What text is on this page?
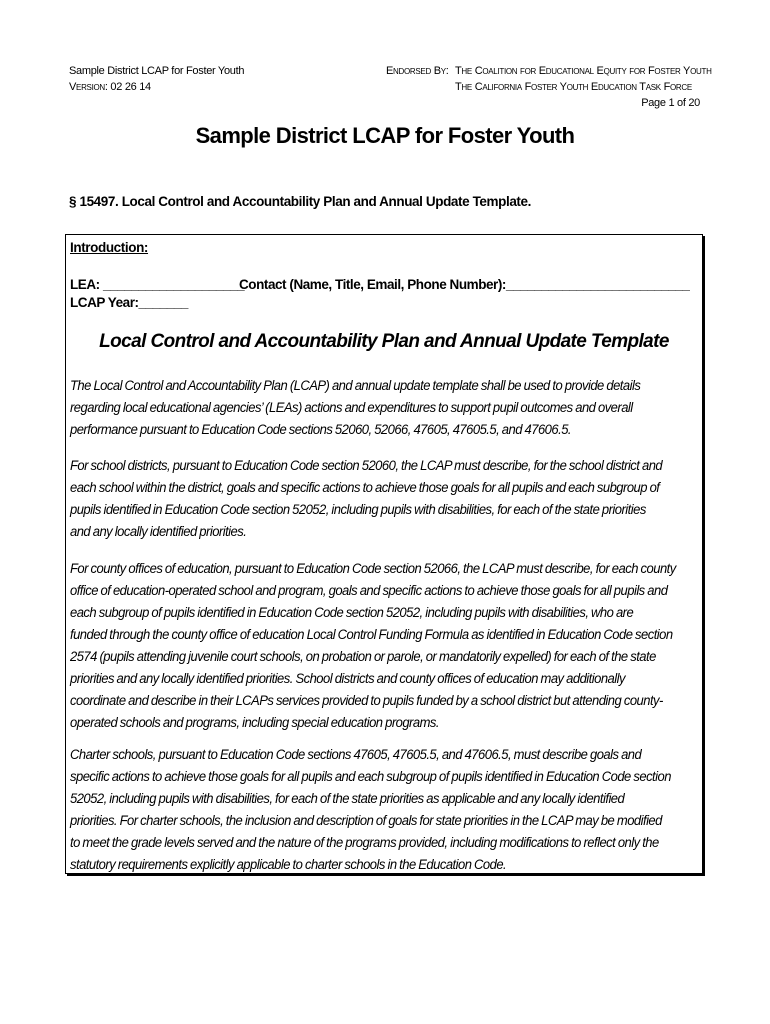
Sample District LCAP for Foster Youth
Version: 02 26 14
Endorsed By: The Coalition for Educational Equity for Foster Youth
The California Foster Youth Education Task Force
Page 1 of 20
Sample District LCAP for Foster Youth
§ 15497. Local Control and Accountability Plan and Annual Update Template.
Introduction:
LEA: ____________________
Contact (Name, Title, Email, Phone Number):__________________________
LCAP Year:_______
Local Control and Accountability Plan and Annual Update Template
The Local Control and Accountability Plan (LCAP) and annual update template shall be used to provide details
regarding local educational agencies’ (LEAs) actions and expenditures to support pupil outcomes and overall
performance pursuant to Education Code sections 52060, 52066, 47605, 47605.5, and 47606.5.
For school districts, pursuant to Education Code section 52060, the LCAP must describe, for the school district and
each school within the district, goals and specific actions to achieve those goals for all pupils and each subgroup of
pupils identified in Education Code section 52052, including pupils with disabilities, for each of the state priorities
and any locally identified priorities.
For county offices of education, pursuant to Education Code section 52066, the LCAP must describe, for each county
office of education-operated school and program, goals and specific actions to achieve those goals for all pupils and
each subgroup of pupils identified in Education Code section 52052, including pupils with disabilities, who are
funded through the county office of education Local Control Funding Formula as identified in Education Code section
2574 (pupils attending juvenile court schools, on probation or parole, or mandatorily expelled) for each of the state
priorities and any locally identified priorities. School districts and county offices of education may additionally
coordinate and describe in their LCAPs services provided to pupils funded by a school district but attending county-
operated schools and programs, including special education programs.
Charter schools, pursuant to Education Code sections 47605, 47605.5, and 47606.5, must describe goals and
specific actions to achieve those goals for all pupils and each subgroup of pupils identified in Education Code section
52052, including pupils with disabilities, for each of the state priorities as applicable and any locally identified
priorities. For charter schools, the inclusion and description of goals for state priorities in the LCAP may be modified
to meet the grade levels served and the nature of the programs provided, including modifications to reflect only the
statutory requirements explicitly applicable to charter schools in the Education Code.
